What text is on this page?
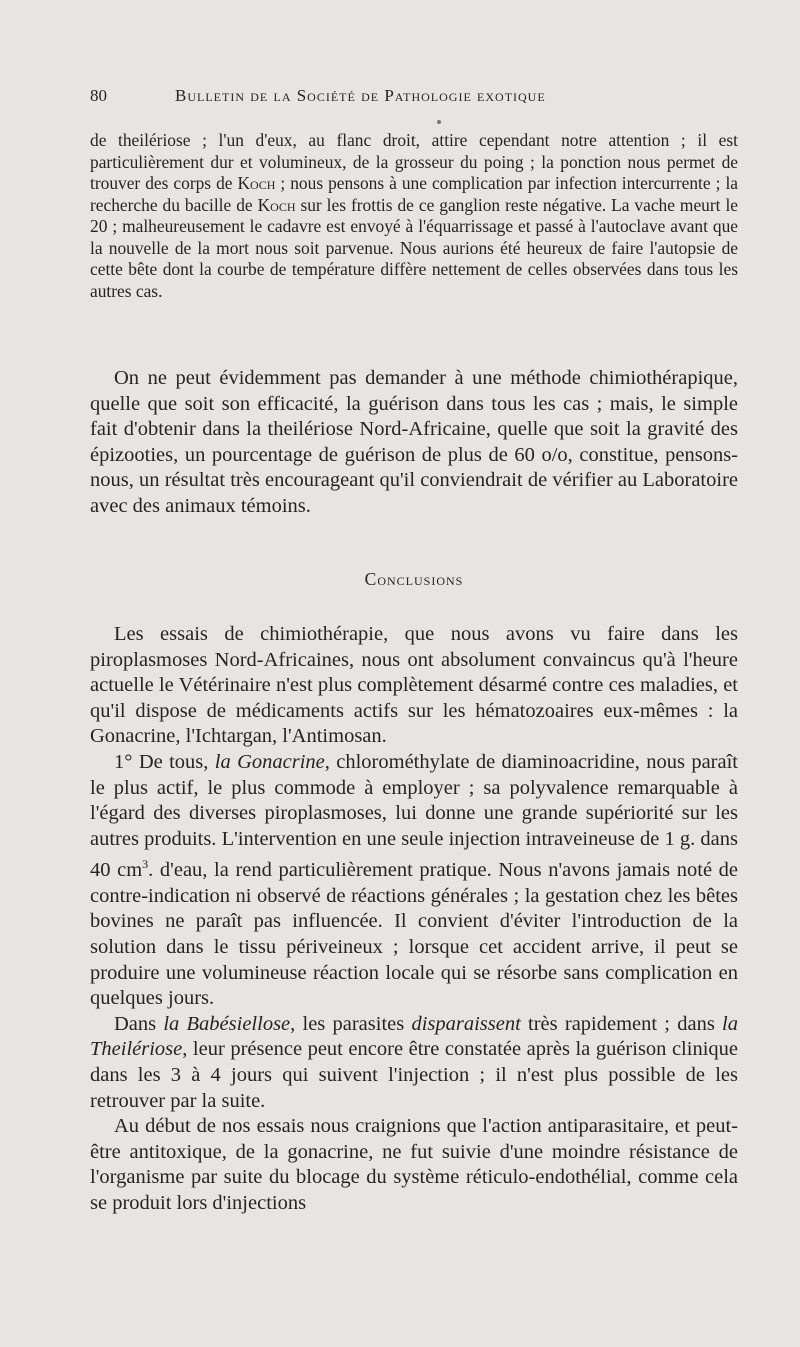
80	Bulletin de la Société de Pathologie exotique

de theilériose ; l'un d'eux, au flanc droit, attire cependant notre attention ; il est particulièrement dur et volumineux, de la grosseur du poing ; la ponction nous permet de trouver des corps de Koch ; nous pensons à une complication par infection intercurrente ; la recherche du bacille de Koch sur les frottis de ce ganglion reste négative. La vache meurt le 20 ; malheureusement le cadavre est envoyé à l'équarrissage et passé à l'autoclave avant que la nouvelle de la mort nous soit parvenue. Nous aurions été heureux de faire l'autopsie de cette bête dont la courbe de température diffère nettement de celles observées dans tous les autres cas.

On ne peut évidemment pas demander à une méthode chimiothérapique, quelle que soit son efficacité, la guérison dans tous les cas ; mais, le simple fait d'obtenir dans la theilériose Nord-Africaine, quelle que soit la gravité des épizooties, un pourcentage de guérison de plus de 60 o/o, constitue, pensons-nous, un résultat très encourageant qu'il conviendrait de vérifier au Laboratoire avec des animaux témoins.

Conclusions

Les essais de chimiothérapie, que nous avons vu faire dans les piroplasmoses Nord-Africaines, nous ont absolument convaincus qu'à l'heure actuelle le Vétérinaire n'est plus complètement désarmé contre ces maladies, et qu'il dispose de médicaments actifs sur les hématozoaires eux-mêmes : la Gonacrine, l'Ichtargan, l'Antimosan.

1° De tous, la Gonacrine, chlorométhylate de diaminoacridine, nous paraît le plus actif, le plus commode à employer ; sa polyvalence remarquable à l'égard des diverses piroplasmoses, lui donne une grande supériorité sur les autres produits. L'intervention en une seule injection intraveineuse de 1 g. dans 40 $cm^3$. d'eau, la rend particulièrement pratique. Nous n'avons jamais noté de contre-indication ni observé de réactions générales ; la gestation chez les bêtes bovines ne paraît pas influencée. Il convient d'éviter l'introduction de la solution dans le tissu périveineux ; lorsque cet accident arrive, il peut se produire une volumineuse réaction locale qui se résorbe sans complication en quelques jours.

Dans la Babésiellose, les parasites disparaissent très rapidement ; dans la Theilériose, leur présence peut encore être constatée après la guérison clinique dans les 3 à 4 jours qui suivent l'injection ; il n'est plus possible de les retrouver par la suite.

Au début de nos essais nous craignions que l'action antiparasitaire, et peut-être antitoxique, de la gonacrine, ne fut suivie d'une moindre résistance de l'organisme par suite du blocage du système réticulo-endothélial, comme cela se produit lors d'injections
